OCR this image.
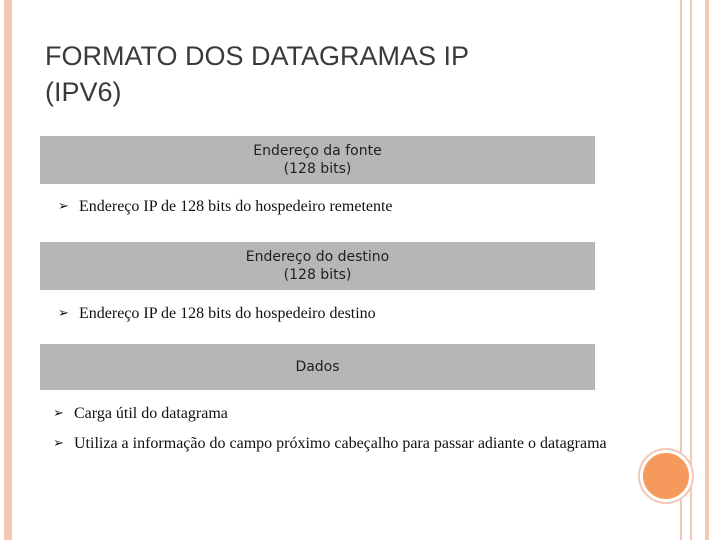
FORMATO DOS DATAGRAMAS IP
(IPV6)
Endereço da fonte
(128 bits)
➢ Endereço IP de 128 bits do hospedeiro remetente
Endereço do destino
(128 bits)
➢ Endereço IP de 128 bits do hospedeiro destino
Dados
➢ Carga útil do datagrama
➢ Utiliza a informação do campo próximo cabeçalho para passar adiante o datagrama
